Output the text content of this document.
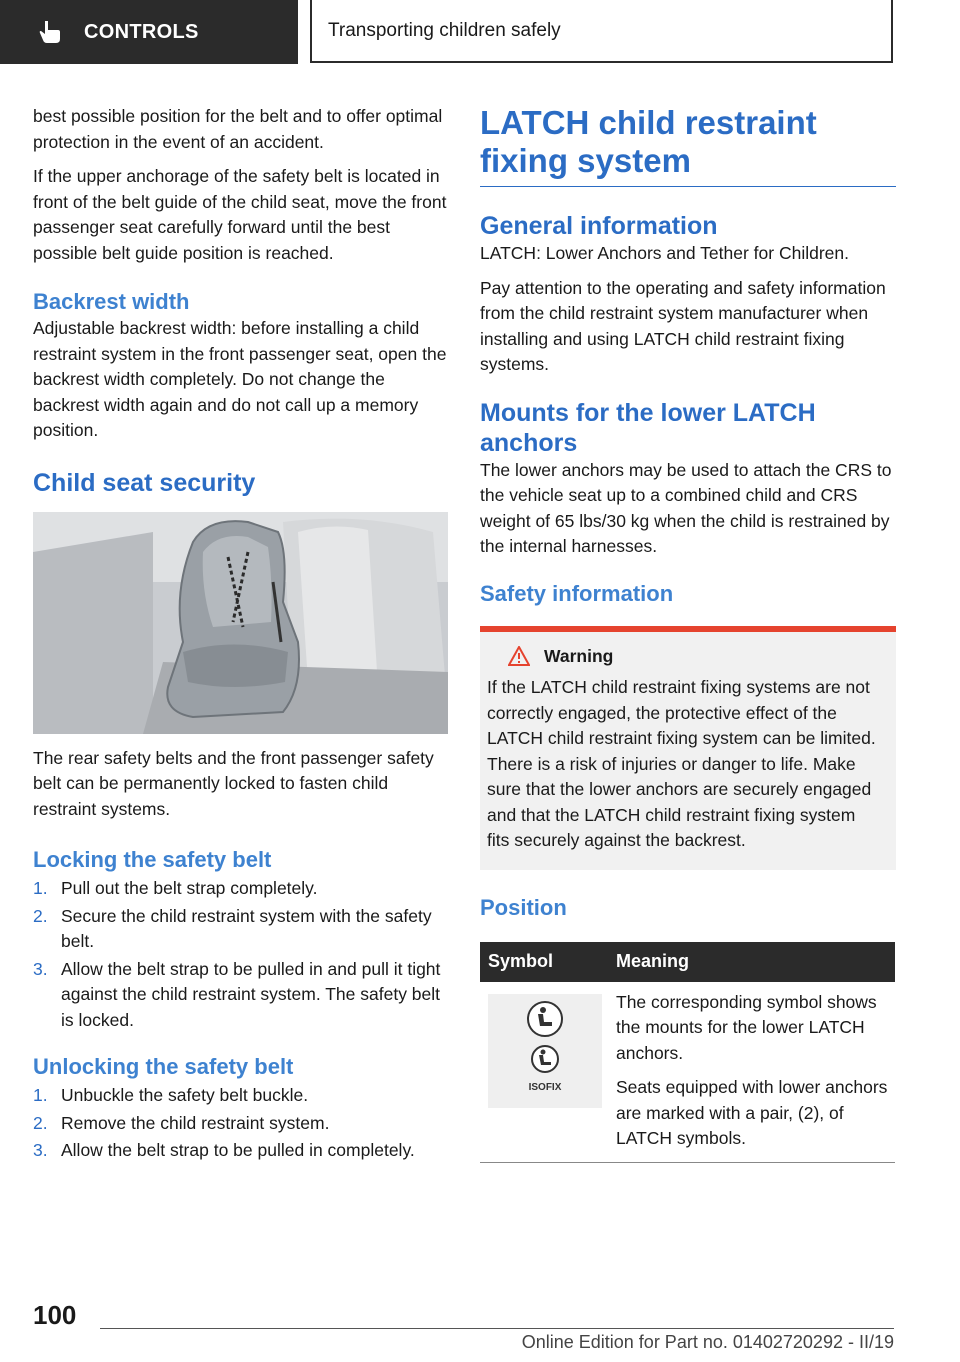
CONTROLS	Transporting children safely

best possible position for the belt and to offer optimal protection in the event of an accident.

If the upper anchorage of the safety belt is located in front of the belt guide of the child seat, move the front passenger seat carefully forward until the best possible belt guide position is reached.

Backrest width

Adjustable backrest width: before installing a child restraint system in the front passenger seat, open the backrest width completely. Do not change the backrest width again and do not call up a memory position.

Child seat security

The rear safety belts and the front passenger safety belt can be permanently locked to fasten child restraint systems.

Locking the safety belt
1. Pull out the belt strap completely.
2. Secure the child restraint system with the safety belt.
3. Allow the belt strap to be pulled in and pull it tight against the child restraint system. The safety belt is locked.
Unlocking the safety belt
1. Unbuckle the safety belt buckle.
2. Remove the child restraint system.
3. Allow the belt strap to be pulled in completely.
LATCH child restraint fixing system
General information

LATCH: Lower Anchors and Tether for Children.

Pay attention to the operating and safety information from the child restraint system manufacturer when installing and using LATCH child restraint fixing systems.

Mounts for the lower LATCH anchors

The lower anchors may be used to attach the CRS to the vehicle seat up to a combined child and CRS weight of 65 lbs/30 kg when the child is restrained by the internal harnesses.

Safety information
Warning
If the LATCH child restraint fixing systems are not correctly engaged, the protective effect of the LATCH child restraint fixing system can be limited. There is a risk of injuries or danger to life. Make sure that the lower anchors are securely engaged and that the LATCH child restraint fixing system fits securely against the backrest.
Position
Symbol	Meaning

ISOFIX	The corresponding symbol shows the mounts for the lower LATCH anchors.

Seats equipped with lower anchors are marked with a pair, (2), of LATCH symbols.

100
Online Edition for Part no. 01402720292 - II/19
